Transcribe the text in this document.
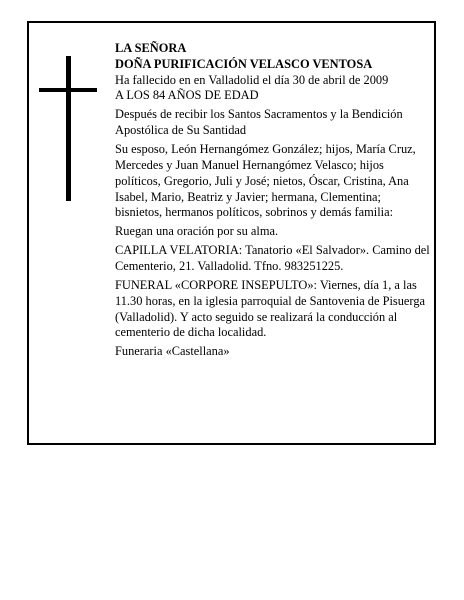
LA SEÑORA

DOÑA PURIFICACIÓN VELASCO VENTOSA

Ha fallecido en en Valladolid el día 30 de abril de 2009

A LOS 84 AÑOS DE EDAD

Después de recibir los Santos Sacramentos y la Bendición Apostólica de Su Santidad

Su esposo, León Hernangómez González; hijos, María Cruz, Mercedes y Juan Manuel Hernangómez Velasco; hijos políticos, Gregorio, Juli y José; nietos, Óscar, Cristina, Ana Isabel, Mario, Beatriz y Javier; hermana, Clementina; bisnietos, hermanos políticos, sobrinos y demás familia:

Ruegan una oración por su alma.

CAPILLA VELATORIA: Tanatorio «El Salvador». Camino del Cementerio, 21. Valladolid. Tfno. 983251225.

FUNERAL «CORPORE INSEPULTO»: Viernes, día 1, a las 11.30 horas, en la iglesia parroquial de Santovenia de Pisuerga (Valladolid). Y acto seguido se realizará la conducción al cementerio de dicha localidad.

Funeraria «Castellana»
